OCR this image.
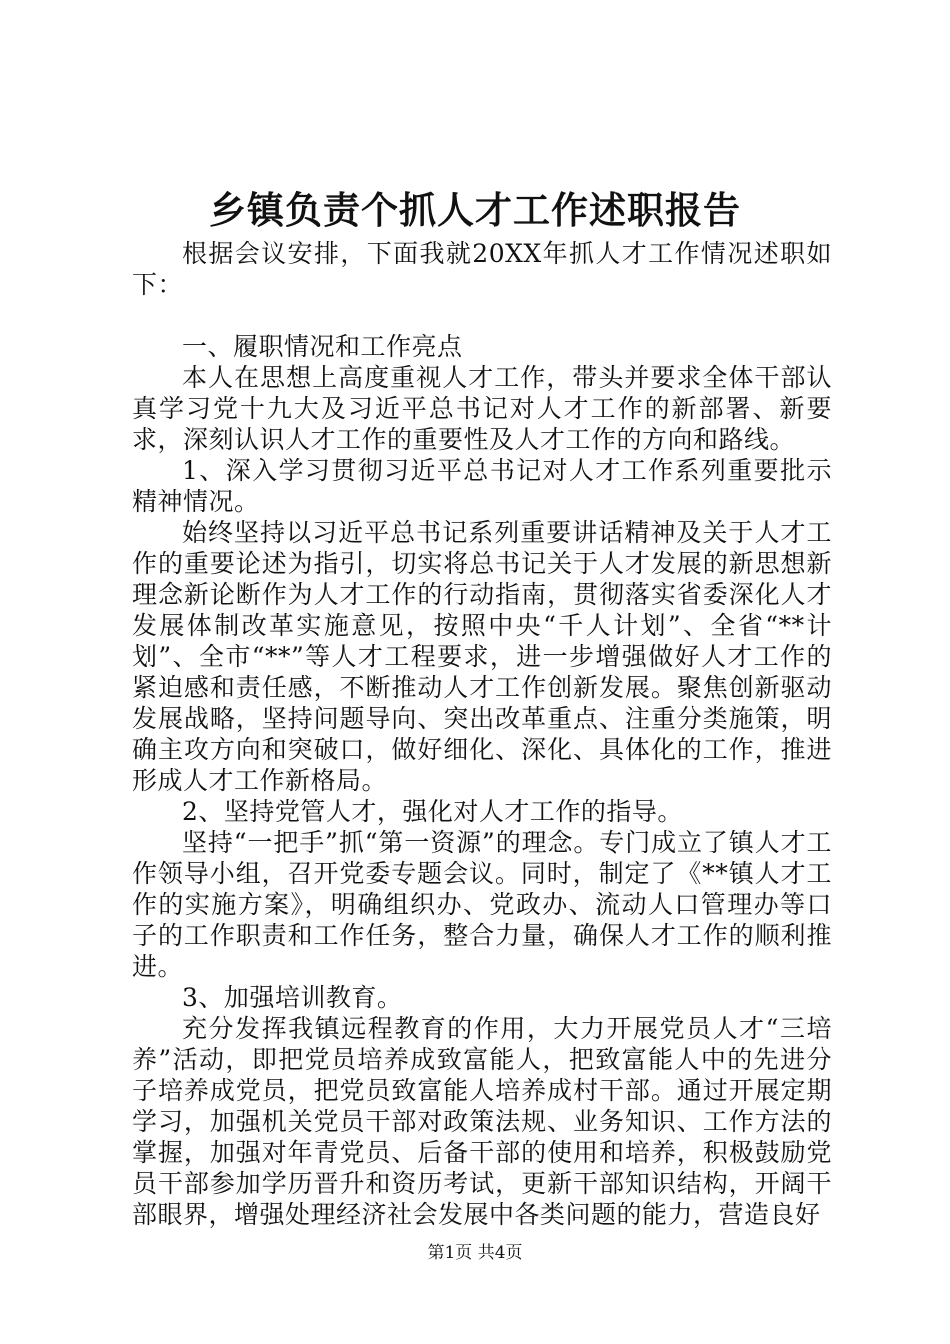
乡镇负责个抓人才工作述职报告

根据会议安排，下面我就20XX年抓人才工作情况述职如下：

一、履职情况和工作亮点

本人在思想上高度重视人才工作，带头并要求全体干部认真学习党十九大及习近平总书记对人才工作的新部署、新要求，深刻认识人才工作的重要性及人才工作的方向和路线。

1、深入学习贯彻习近平总书记对人才工作系列重要批示精神情况。

始终坚持以习近平总书记系列重要讲话精神及关于人才工作的重要论述为指引，切实将总书记关于人才发展的新思想新理念新论断作为人才工作的行动指南，贯彻落实省委深化人才发展体制改革实施意见，按照中央“千人计划”、全省“**计划”、全市“**”等人才工程要求，进一步增强做好人才工作的紧迫感和责任感，不断推动人才工作创新发展。聚焦创新驱动发展战略，坚持问题导向、突出改革重点、注重分类施策，明确主攻方向和突破口，做好细化、深化、具体化的工作，推进形成人才工作新格局。

2、坚持党管人才，强化对人才工作的指导。

坚持“一把手”抓“第一资源”的理念。专门成立了镇人才工作领导小组，召开党委专题会议。同时，制定了《**镇人才工作的实施方案》，明确组织办、党政办、流动人口管理办等口子的工作职责和工作任务，整合力量，确保人才工作的顺利推进。

3、加强培训教育。

充分发挥我镇远程教育的作用，大力开展党员人才“三培养”活动，即把党员培养成致富能人，把致富能人中的先进分子培养成党员，把党员致富能人培养成村干部。通过开展定期学习，加强机关党员干部对政策法规、业务知识、工作方法的掌握，加强对年青党员、后备干部的使用和培养，积极鼓励党员干部参加学历晋升和资历考试，更新干部知识结构，开阔干部眼界，增强处理经济社会发展中各类问题的能力，营造良好

第1页 共4页
